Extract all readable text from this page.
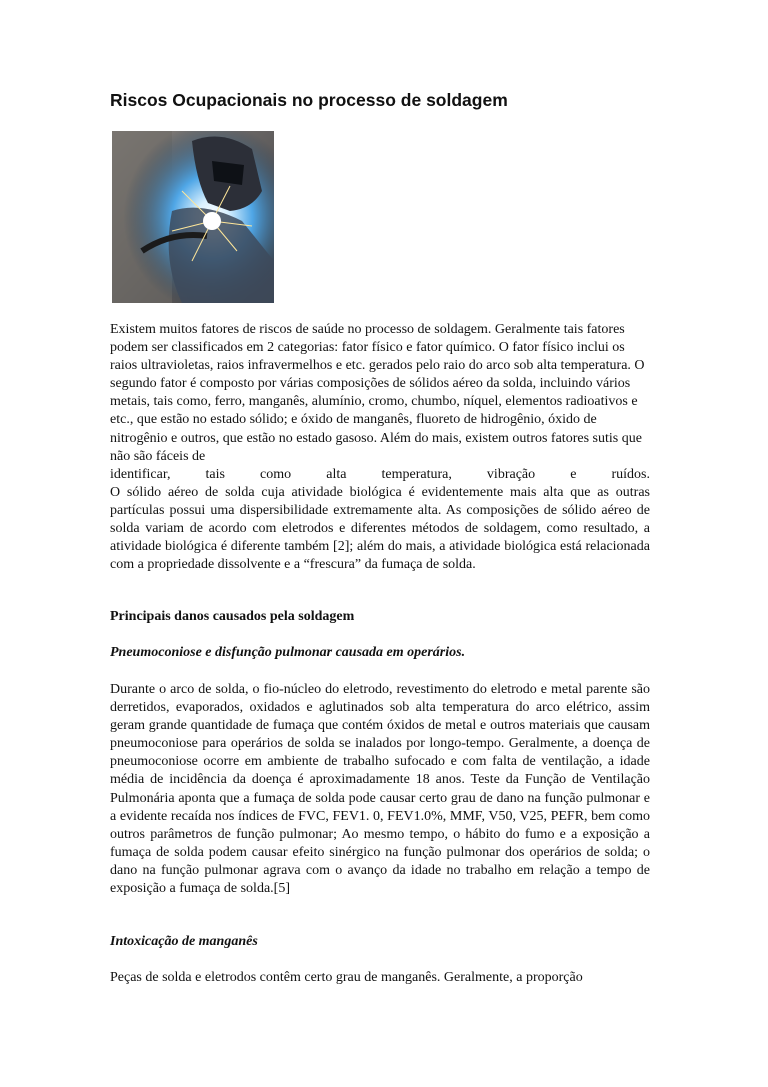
Riscos Ocupacionais no processo de soldagem

Existem muitos fatores de riscos de saúde no processo de soldagem. Geralmente tais fatores podem ser classificados em 2 categorias: fator físico e fator químico. O fator físico inclui os raios ultravioletas, raios infravermelhos e etc. gerados pelo raio do arco sob alta temperatura. O segundo fator é composto por várias composições de sólidos aéreo da solda, incluindo vários metais, tais como, ferro, manganês, alumínio, cromo, chumbo, níquel, elementos radioativos e etc., que estão no estado sólido; e óxido de manganês, fluoreto de hidrogênio, óxido de nitrogênio e outros, que estão no estado gasoso. Além do mais, existem outros fatores sutis que não são fáceis de
identificar, tais como alta temperatura, vibração e ruídos.

O sólido aéreo de solda cuja atividade biológica é evidentemente mais alta que as outras partículas possui uma dispersibilidade extremamente alta. As composições de sólido aéreo de solda variam de acordo com eletrodos e diferentes métodos de soldagem, como resultado, a atividade biológica é diferente também [2]; além do mais, a atividade biológica está relacionada com a propriedade dissolvente e a “frescura” da fumaça de solda.

Principais danos causados pela soldagem
Pneumoconiose e disfunção pulmonar causada em operários.

Durante o arco de solda, o fio-núcleo do eletrodo, revestimento do eletrodo e metal parente são derretidos, evaporados, oxidados e aglutinados sob alta temperatura do arco elétrico, assim geram grande quantidade de fumaça que contém óxidos de metal e outros materiais que causam pneumoconiose para operários de solda se inalados por longo-tempo. Geralmente, a doença de pneumoconiose ocorre em ambiente de trabalho sufocado e com falta de ventilação, a idade média de incidência da doença é aproximadamente 18 anos. Teste da Função de Ventilação Pulmonária aponta que a fumaça de solda pode causar certo grau de dano na função pulmonar e a evidente recaída nos índices de FVC, FEV1. 0, FEV1.0%, MMF, V50, V25, PEFR, bem como outros parâmetros de função pulmonar; Ao mesmo tempo, o hábito do fumo e a exposição a fumaça de solda podem causar efeito sinérgico na função pulmonar dos operários de solda; o dano na função pulmonar agrava com o avanço da idade no trabalho em relação a tempo de exposição a fumaça de solda.[5]

Intoxicação de manganês

Peças de solda e eletrodos contêm certo grau de manganês. Geralmente, a proporção
